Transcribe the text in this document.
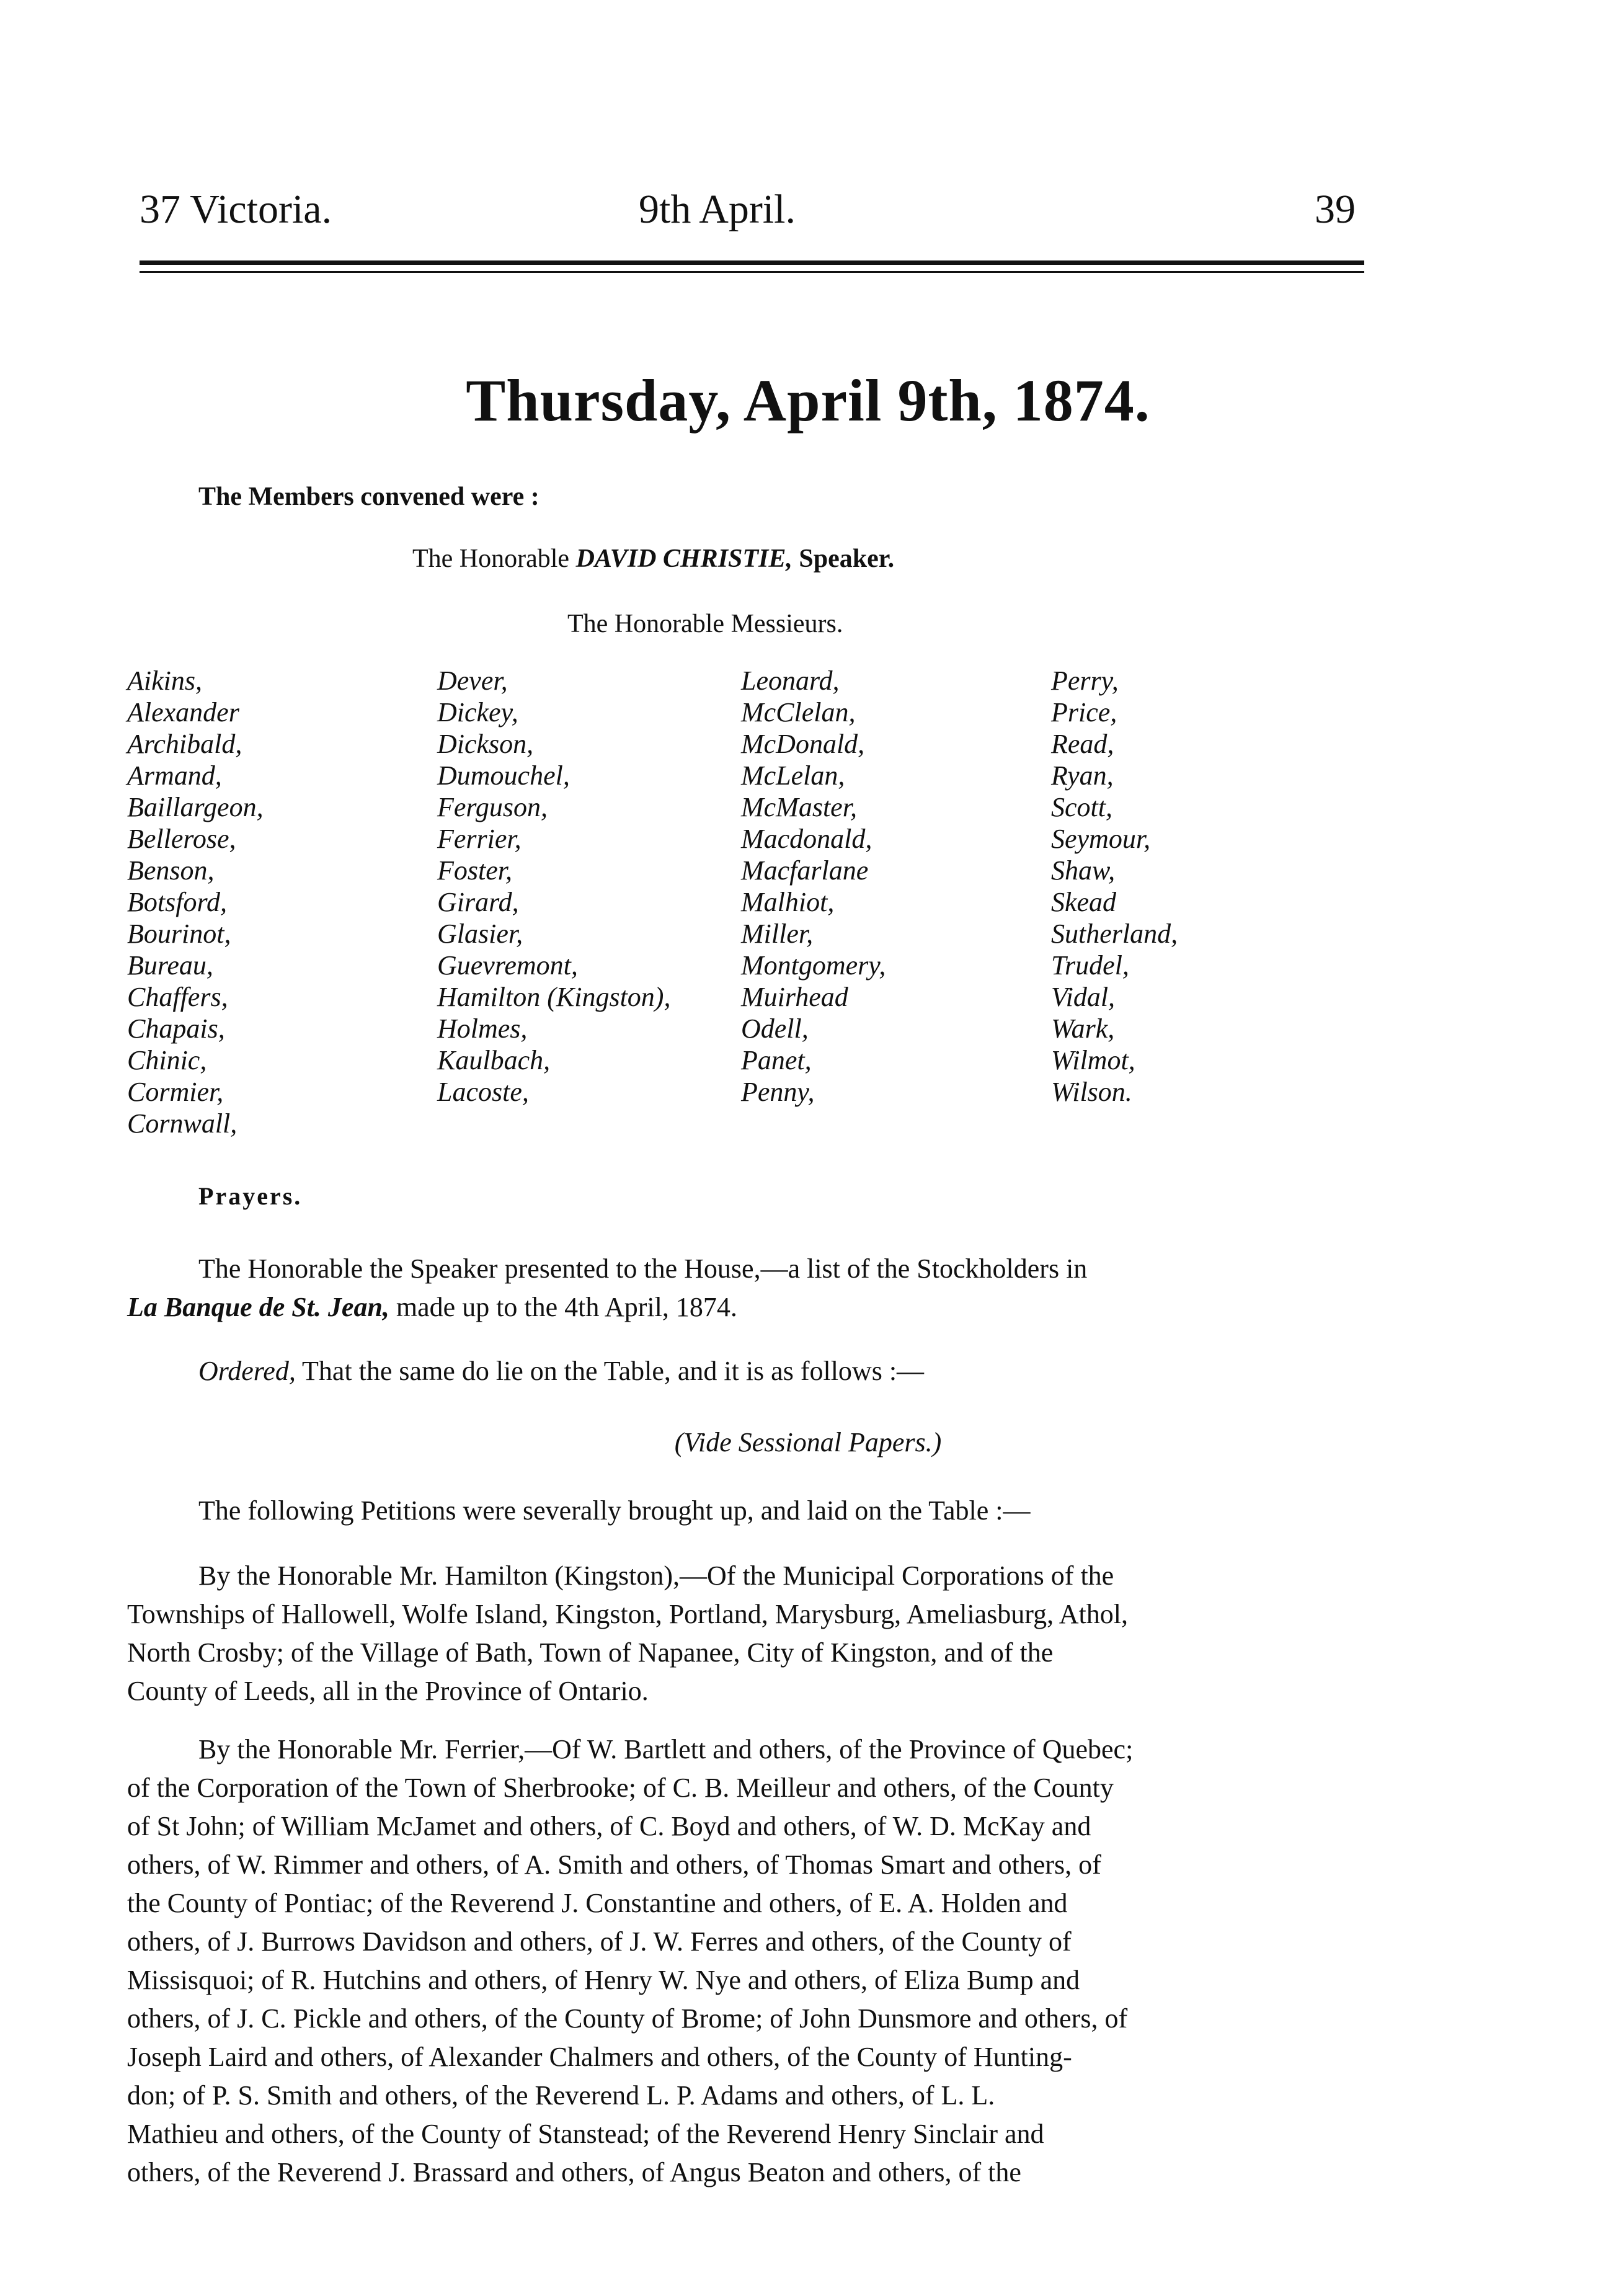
37 Victoria.	9th April.	39
Thursday, April 9th, 1874.
The Members convened were :
The Honorable DAVID CHRISTIE, Speaker.
The Honorable Messieurs.
Aikins,
Alexander
Archibald,
Armand,
Baillargeon,
Bellerose,
Benson,
Botsford,
Bourinot,
Bureau,
Chaffers,
Chapais,
Chinic,
Cormier,
Cornwall,
Dever,
Dickey,
Dickson,
Dumouchel,
Ferguson,
Ferrier,
Foster,
Girard,
Glasier,
Guevremont,
Hamilton (Kingston),
Holmes,
Kaulbach,
Lacoste,
Leonard,
McClelan,
McDonald,
McLelan,
McMaster,
Macdonald,
Macfarlane
Malhiot,
Miller,
Montgomery,
Muirhead
Odell,
Panet,
Penny,
Perry,
Price,
Read,
Ryan,
Scott,
Seymour,
Shaw,
Skead
Sutherland,
Trudel,
Vidal,
Wark,
Wilmot,
Wilson.
Prayers.
The Honorable the Speaker presented to the House,—a list of the Stockholders in
La Banque de St. Jean, made up to the 4th April, 1874.
Ordered, That the same do lie on the Table, and it is as follows :—
(Vide Sessional Papers.)
The following Petitions were severally brought up, and laid on the Table :—
By the Honorable Mr. Hamilton (Kingston),—Of the Municipal Corporations of the
Townships of Hallowell, Wolfe Island, Kingston, Portland, Marysburg, Ameliasburg, Athol,
North Crosby; of the Village of Bath, Town of Napanee, City of Kingston, and of the
County of Leeds, all in the Province of Ontario.
By the Honorable Mr. Ferrier,—Of W. Bartlett and others, of the Province of Quebec;
of the Corporation of the Town of Sherbrooke; of C. B. Meilleur and others, of the County
of St John; of William McJamet and others, of C. Boyd and others, of W. D. McKay and
others, of W. Rimmer and others, of A. Smith and others, of Thomas Smart and others, of
the County of Pontiac; of the Reverend J. Constantine and others, of E. A. Holden and
others, of J. Burrows Davidson and others, of J. W. Ferres and others, of the County of
Missisquoi; of R. Hutchins and others, of Henry W. Nye and others, of Eliza Bump and
others, of J. C. Pickle and others, of the County of Brome; of John Dunsmore and others, of
Joseph Laird and others, of Alexander Chalmers and others, of the County of Hunting-
don; of P. S. Smith and others, of the Reverend L. P. Adams and others, of L. L.
Mathieu and others, of the County of Stanstead; of the Reverend Henry Sinclair and
others, of the Reverend J. Brassard and others, of Angus Beaton and others, of the
